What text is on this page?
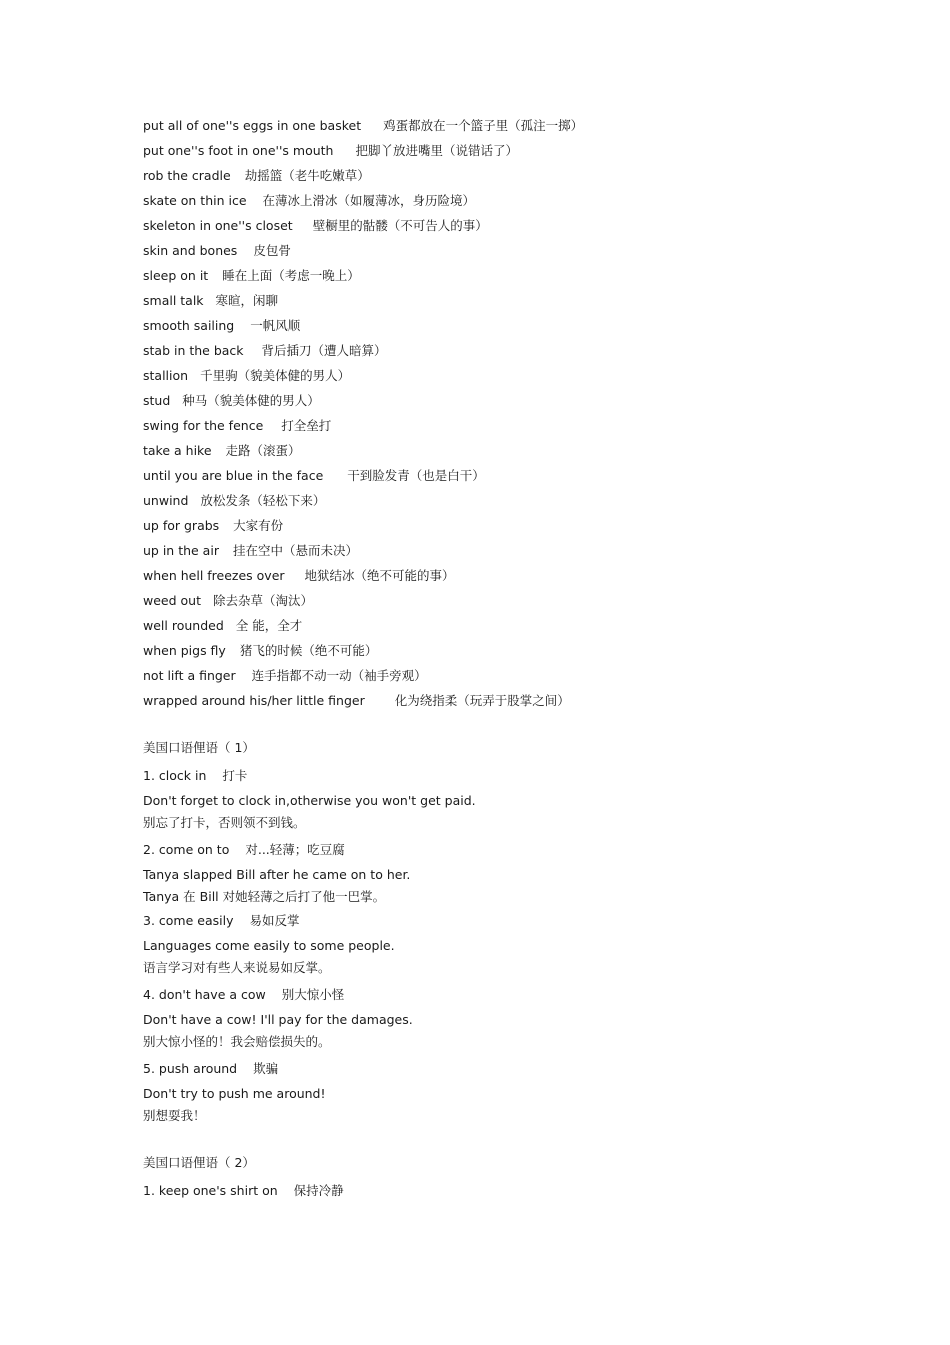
put all of one''s eggs in one basket 鸡蛋都放在一个篮子里（孤注一掷）
put one''s foot in one''s mouth 把脚丫放进嘴里（说错话了）
rob the cradle 劫摇篮（老牛吃嫩草）
skate on thin ice 在薄冰上滑冰（如履薄冰，身历险境）
skeleton in one''s closet 壁橱里的骷髅（不可告人的事）
skin and bones 皮包骨
sleep on it 睡在上面（考虑一晚上）
small talk 寒暄，闲聊
smooth sailing 一帆风顺
stab in the back 背后插刀（遭人暗算）
stallion 千里驹（貌美体健的男人）
stud 种马（貌美体健的男人）
swing for the fence 打全垒打
take a hike 走路（滚蛋）
until you are blue in the face 干到脸发青（也是白干）
unwind 放松发条（轻松下来）
up for grabs 大家有份
up in the air 挂在空中（悬而未决）
when hell freezes over 地狱结冰（绝不可能的事）
weed out 除去杂草（淘汰）
well rounded 全 能，全才
when pigs fly 猪飞的时候（绝不可能）
not lift a finger 连手指都不动一动（袖手旁观）
wrapped around his/her little finger 化为绕指柔（玩弄于股掌之间）
美国口语俚语（ 1）
1. clock in 打卡
Don't forget to clock in,otherwise you won't get paid.
别忘了打卡，否则领不到钱。
2. come on to 对...轻薄；吃豆腐
Tanya slapped Bill after he came on to her.
Tanya 在 Bill 对她轻薄之后打了他一巴掌。
3. come easily 易如反掌
Languages come easily to some people.
语言学习对有些人来说易如反掌。
4. don't have a cow 别大惊小怪
Don't have a cow! I'll pay for the damages.
别大惊小怪的！我会赔偿损失的。
5. push around 欺骗
Don't try to push me around!
别想耍我！
美国口语俚语（ 2）
1. keep one's shirt on 保持冷静
